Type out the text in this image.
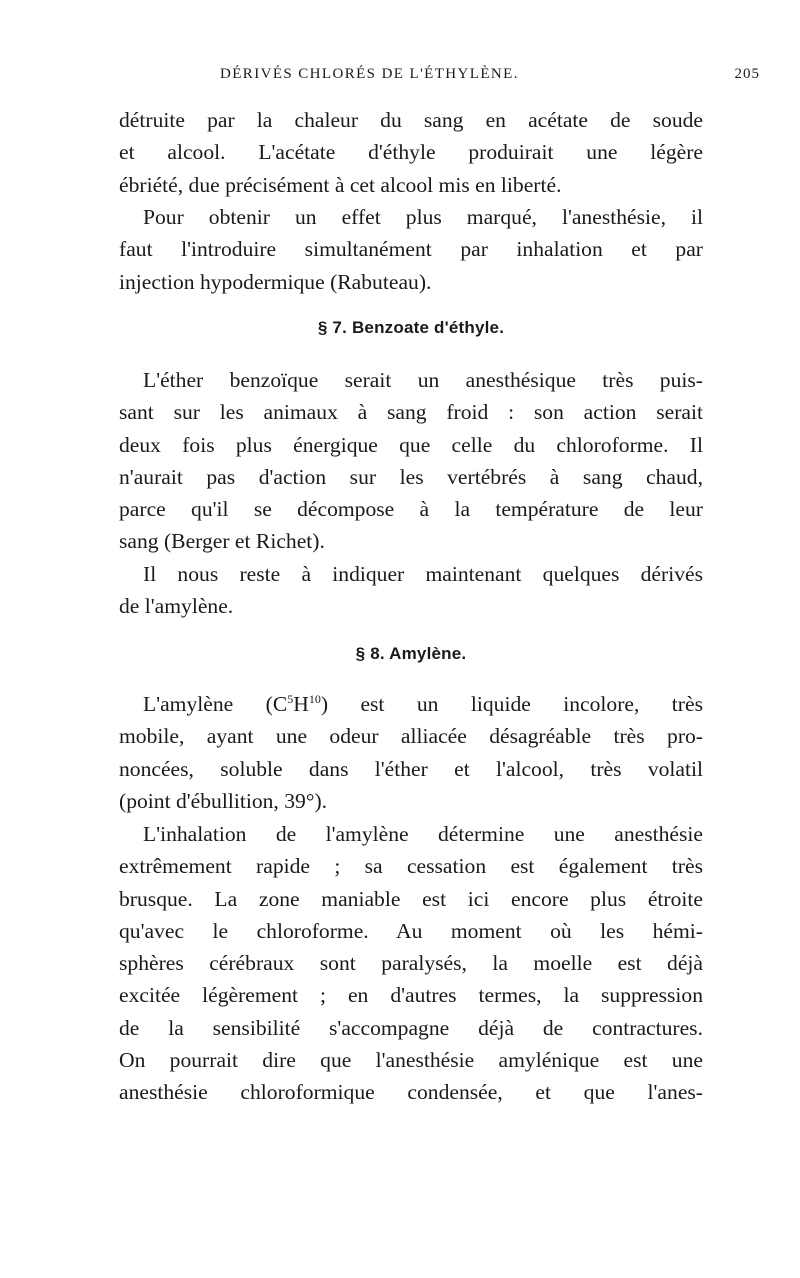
DÉRIVÉS CHLORÉS DE L'ÉTHYLÈNE.	205
détruite par la chaleur du sang en acétate de soude
et alcool. L'acétate d'éthyle produirait une légère
ébriété, due précisément à cet alcool mis en liberté.
Pour obtenir un effet plus marqué, l'anesthésie, il
faut l'introduire simultanément par inhalation et par
injection hypodermique (Rabuteau).
§ 7. Benzoate d'éthyle.
L'éther benzoïque serait un anesthésique très puis-
sant sur les animaux à sang froid : son action serait
deux fois plus énergique que celle du chloroforme. Il
n'aurait pas d'action sur les vertébrés à sang chaud,
parce qu'il se décompose à la température de leur
sang (Berger et Richet).
Il nous reste à indiquer maintenant quelques dérivés
de l'amylène.
§ 8. Amylène.
L'amylène $(C^5H^{10})$ est un liquide incolore, très
mobile, ayant une odeur alliacée désagréable très pro-
noncées, soluble dans l'éther et l'alcool, très volatil
(point d'ébullition, 39°).
L'inhalation de l'amylène détermine une anesthésie
extrêmement rapide ; sa cessation est également très
brusque. La zone maniable est ici encore plus étroite
qu'avec le chloroforme. Au moment où les hémi-
sphères cérébraux sont paralysés, la moelle est déjà
excitée légèrement ; en d'autres termes, la suppression
de la sensibilité s'accompagne déjà de contractures.
On pourrait dire que l'anesthésie amylénique est une
anesthésie chloroformique condensée, et que l'anes-
